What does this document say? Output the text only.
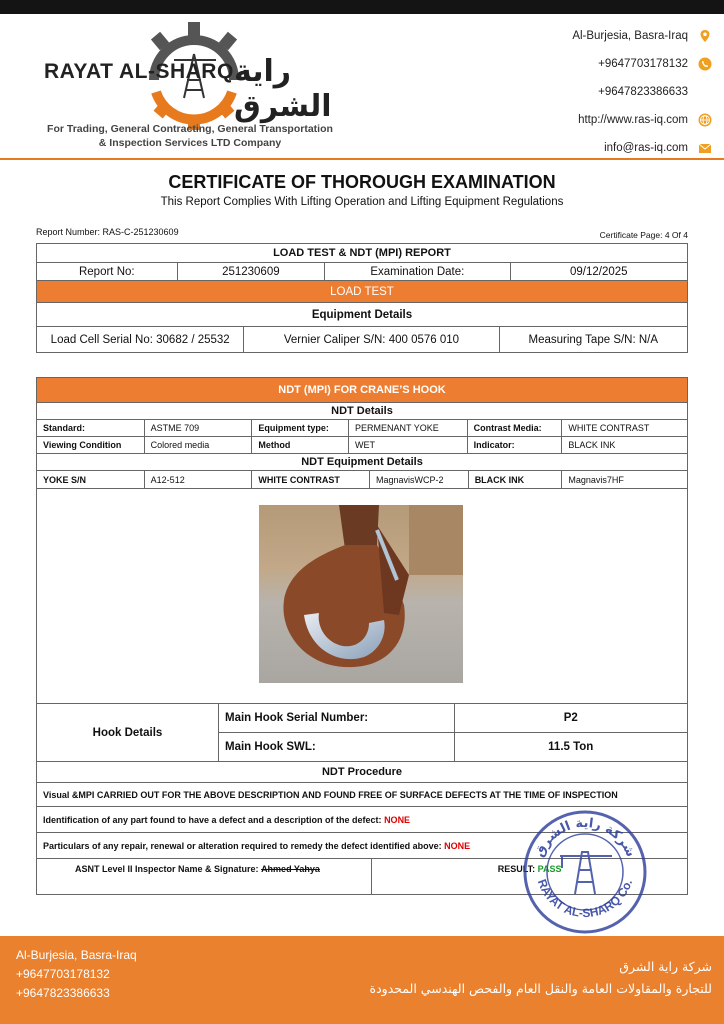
RAYAT AL-SHARQ راية الشرق
For Trading, General Contracting, General Transportation
& Inspection Services LTD Company
Al-Burjesia, Basra-Iraq
+9647703178132
+9647823386633
http://www.ras-iq.com
info@ras-iq.com
CERTIFICATE OF THOROUGH EXAMINATION
This Report Complies With Lifting Operation and Lifting Equipment Regulations
Report Number: RAS-C-251230609	Certificate Page: 4 Of 4
LOAD TEST & NDT (MPI) REPORT
Report No:	251230609	Examination Date:	09/12/2025
LOAD TEST
Equipment Details
Load Cell Serial No: 30682 / 25532	Vernier Caliper S/N: 400 0576 010	Measuring Tape S/N: N/A
NDT (MPI) FOR CRANE’S HOOK
NDT Details
Standard:	ASTME 709	Equipment type:	PERMENANT YOKE	Contrast Media:	WHITE CONTRAST
Viewing Condition	Colored media	Method	WET	Indicator:	BLACK INK
NDT Equipment Details
YOKE S/N	A12-512	WHITE CONTRAST	MagnavisWCP-2	BLACK INK	Magnavis7HF
Hook Details
Main Hook Serial Number:	P2
Main Hook SWL:	11.5 Ton
NDT Procedure
Visual &MPI CARRIED OUT FOR THE ABOVE DESCRIPTION AND FOUND FREE OF SURFACE DEFECTS AT THE TIME OF INSPECTION
Identification of any part found to have a defect and a description of the defect:
NONE
Particulars of any repair, renewal or alteration required to remedy the defect identified above:
NONE
ASNT Level II Inspector Name & Signature:
Ahmed Yahya	RESULT:
PASS
شركة راية الشرق
RAYAT AL-SHARQ Co.
Al-Burjesia, Basra-Iraq
+9647703178132
+9647823386633
شركة راية الشرق
للتجارة والمقاولات العامة والنقل العام والفحص الهندسي المحدودة
